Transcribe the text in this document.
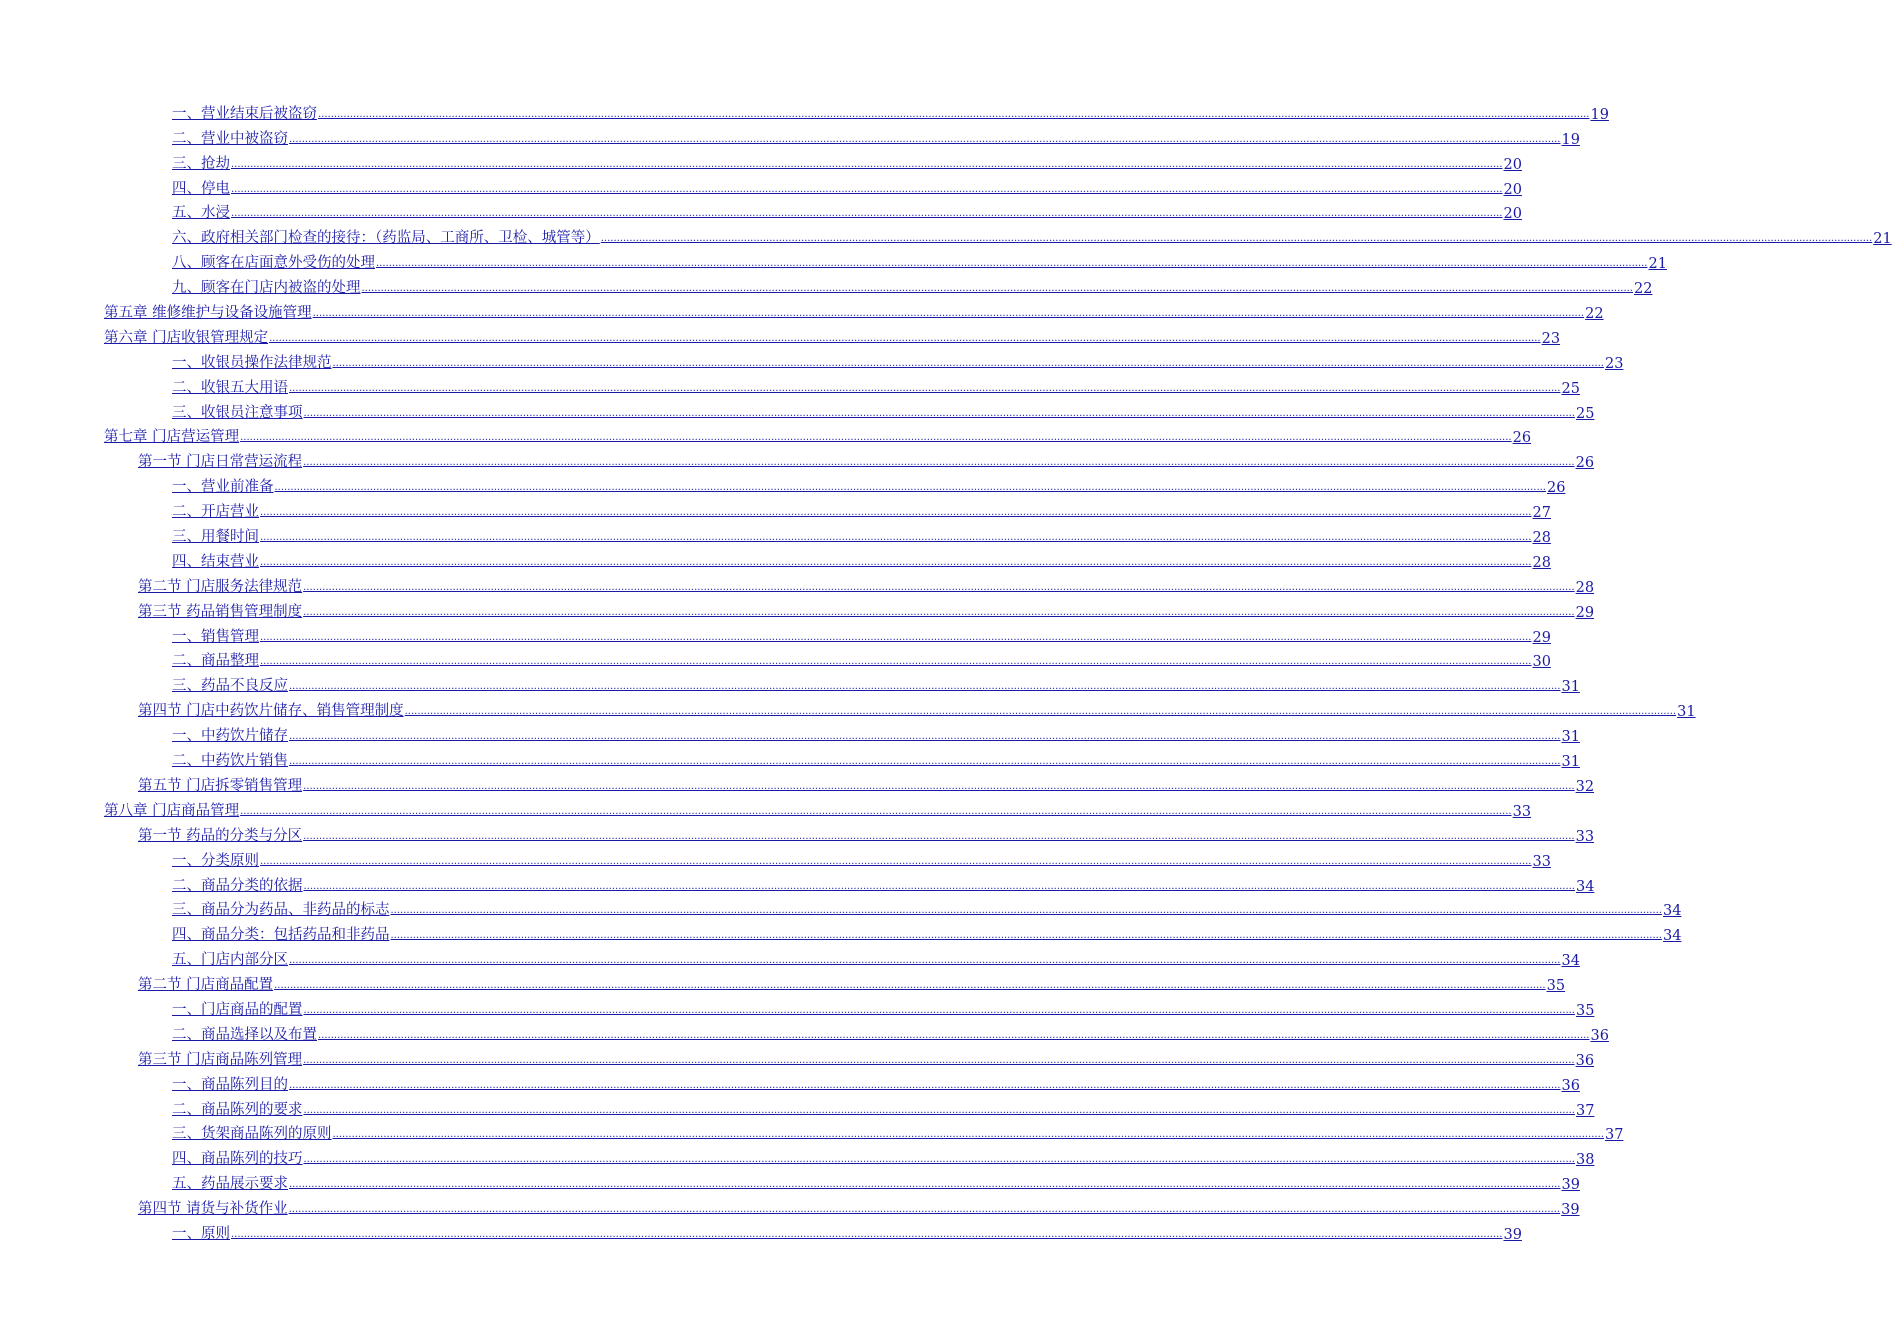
一、营业结束后被盗窃 ................................................................................................................................................................................................................................................................................................................................................................................................................ 19
二、营业中被盗窃 ................................................................................................................................................................................................................................................................................................................................................................................................................ 19
三、抢劫 ................................................................................................................................................................................................................................................................................................................................................................................................................ 20
四、停电 ................................................................................................................................................................................................................................................................................................................................................................................................................ 20
五、水浸 ................................................................................................................................................................................................................................................................................................................................................................................................................ 20
六、政府相关部门检查的接待：（药监局、工商所、卫检、城管等） ................................................................................................................................................................................................................................................................................................................................................................................................................ 21
八、顾客在店面意外受伤的处理 ................................................................................................................................................................................................................................................................................................................................................................................................................ 21
九、顾客在门店内被盗的处理 ................................................................................................................................................................................................................................................................................................................................................................................................................ 22
第五章 维修维护与设备设施管理 ................................................................................................................................................................................................................................................................................................................................................................................................................ 22
第六章 门店收银管理规定 ................................................................................................................................................................................................................................................................................................................................................................................................................ 23
一、收银员操作法律规范 ................................................................................................................................................................................................................................................................................................................................................................................................................ 23
二、收银五大用语 ................................................................................................................................................................................................................................................................................................................................................................................................................ 25
三、收银员注意事项 ................................................................................................................................................................................................................................................................................................................................................................................................................ 25
第七章 门店营运管理 ................................................................................................................................................................................................................................................................................................................................................................................................................ 26
第一节 门店日常营运流程 ................................................................................................................................................................................................................................................................................................................................................................................................................ 26
一、营业前准备 ................................................................................................................................................................................................................................................................................................................................................................................................................ 26
二、开店营业 ................................................................................................................................................................................................................................................................................................................................................................................................................ 27
三、用餐时间 ................................................................................................................................................................................................................................................................................................................................................................................................................ 28
四、结束营业 ................................................................................................................................................................................................................................................................................................................................................................................................................ 28
第二节 门店服务法律规范 ................................................................................................................................................................................................................................................................................................................................................................................................................ 28
第三节 药品销售管理制度 ................................................................................................................................................................................................................................................................................................................................................................................................................ 29
一、销售管理 ................................................................................................................................................................................................................................................................................................................................................................................................................ 29
二、商品整理 ................................................................................................................................................................................................................................................................................................................................................................................................................ 30
三、药品不良反应 ................................................................................................................................................................................................................................................................................................................................................................................................................ 31
第四节 门店中药饮片储存、销售管理制度 ................................................................................................................................................................................................................................................................................................................................................................................................................ 31
一、中药饮片储存 ................................................................................................................................................................................................................................................................................................................................................................................................................ 31
二、中药饮片销售 ................................................................................................................................................................................................................................................................................................................................................................................................................ 31
第五节 门店拆零销售管理 ................................................................................................................................................................................................................................................................................................................................................................................................................ 32
第八章 门店商品管理 ................................................................................................................................................................................................................................................................................................................................................................................................................ 33
第一节 药品的分类与分区 ................................................................................................................................................................................................................................................................................................................................................................................................................ 33
一、分类原则 ................................................................................................................................................................................................................................................................................................................................................................................................................ 33
二、商品分类的依据 ................................................................................................................................................................................................................................................................................................................................................................................................................ 34
三、商品分为药品、非药品的标志 ................................................................................................................................................................................................................................................................................................................................................................................................................ 34
四、商品分类：包括药品和非药品 ................................................................................................................................................................................................................................................................................................................................................................................................................ 34
五、门店内部分区 ................................................................................................................................................................................................................................................................................................................................................................................................................ 34
第二节 门店商品配置 ................................................................................................................................................................................................................................................................................................................................................................................................................ 35
一、门店商品的配置 ................................................................................................................................................................................................................................................................................................................................................................................................................ 35
二、商品选择以及布置 ................................................................................................................................................................................................................................................................................................................................................................................................................ 36
第三节 门店商品陈列管理 ................................................................................................................................................................................................................................................................................................................................................................................................................ 36
一、商品陈列目的 ................................................................................................................................................................................................................................................................................................................................................................................................................ 36
二、商品陈列的要求 ................................................................................................................................................................................................................................................................................................................................................................................................................ 37
三、货架商品陈列的原则 ................................................................................................................................................................................................................................................................................................................................................................................................................ 37
四、商品陈列的技巧 ................................................................................................................................................................................................................................................................................................................................................................................................................ 38
五、药品展示要求 ................................................................................................................................................................................................................................................................................................................................................................................................................ 39
第四节 请货与补货作业 ................................................................................................................................................................................................................................................................................................................................................................................................................ 39
一、原则 ................................................................................................................................................................................................................................................................................................................................................................................................................ 39
